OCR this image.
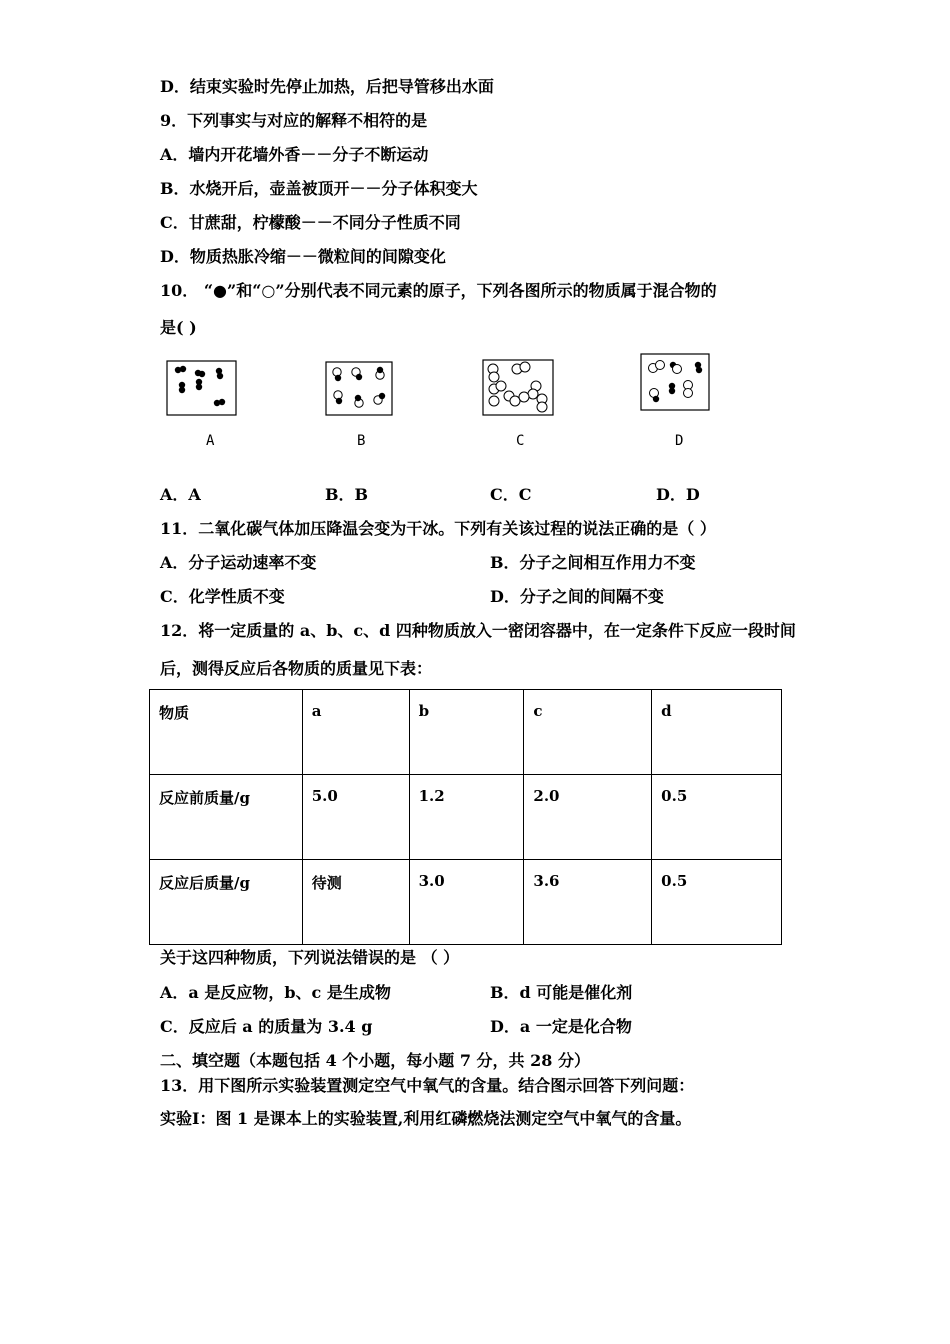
D．结束实验时先停止加热，后把导管移出水面
9．下列事实与对应的解释不相符的是
A．墙内开花墙外香－－分子不断运动
B．水烧开后，壶盖被顶开－－分子体积变大
C．甘蔗甜，柠檬酸－－不同分子性质不同
D．物质热胀冷缩－－微粒间的间隙变化
10． “●”和“○”分别代表不同元素的原子，下列各图所示的物质属于混合物的
是( )
A	B	C	D
A．A	B．B	C．C	D．D
11．二氧化碳气体加压降温会变为干冰。下列有关该过程的说法正确的是（ ）
A．分子运动速率不变	B．分子之间相互作用力不变
C．化学性质不变	D．分子之间的间隔不变
12．将一定质量的 a、b、c、d 四种物质放入一密闭容器中，在一定条件下反应一段时间
后，测得反应后各物质的质量见下表：
物质	a	b	c	d
反应前质量/g	5.0	1.2	2.0	0.5
反应后质量/g	待测	3.0	3.6	0.5
关于这四种物质，下列说法错误的是 （ ）
A．a 是反应物，b、c 是生成物	B．d 可能是催化剂
C．反应后 a 的质量为 3.4 g	D．a 一定是化合物
二、填空题（本题包括 4 个小题，每小题 7 分，共 28 分）
13．用下图所示实验装置测定空气中氧气的含量。结合图示回答下列问题：
实验Ⅰ：图 1 是课本上的实验装置,利用红磷燃烧法测定空气中氧气的含量。
